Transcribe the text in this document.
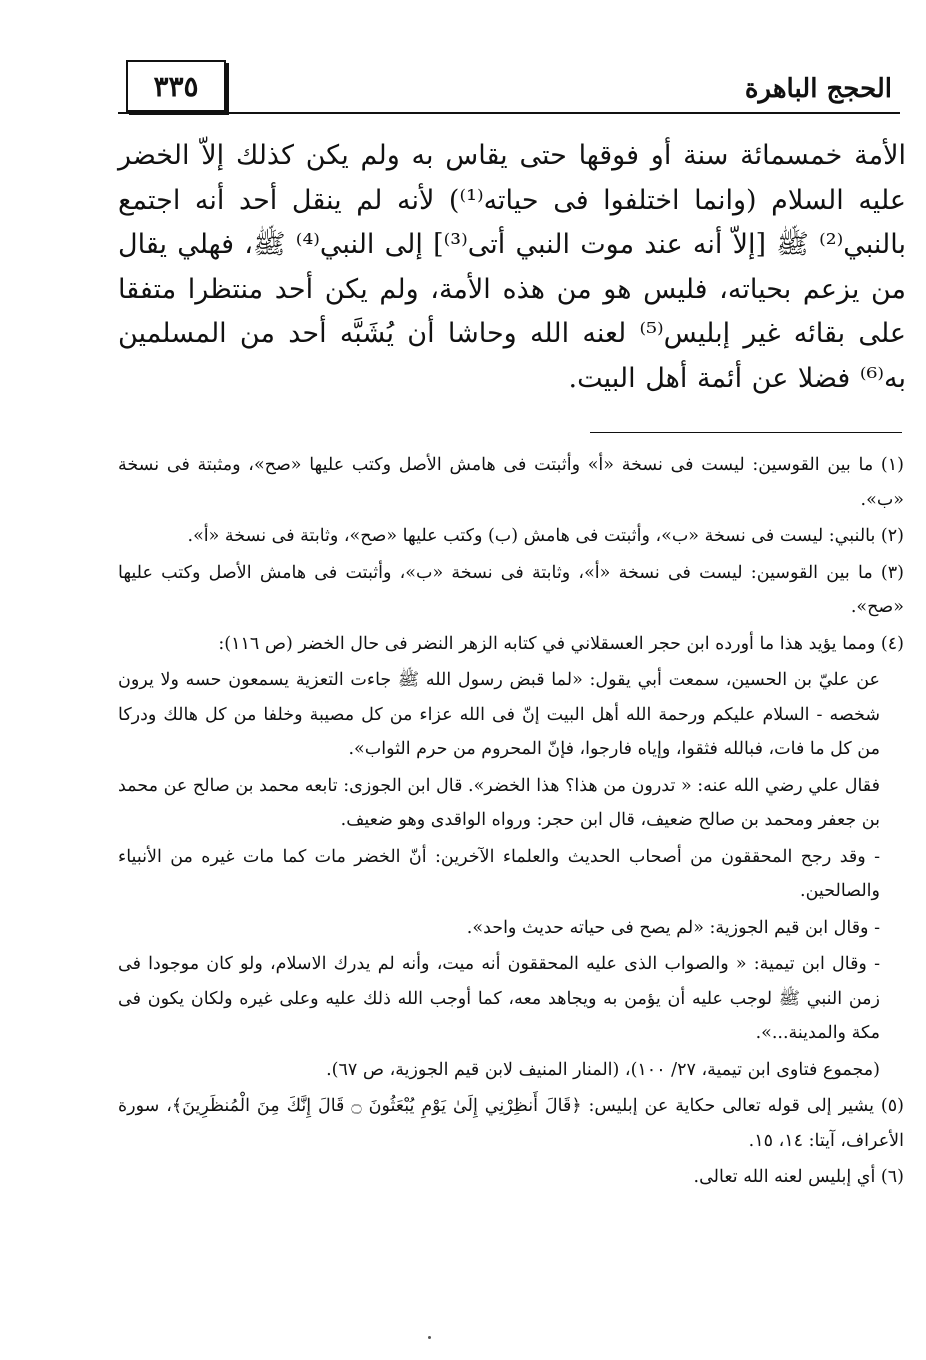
٣٣٥	الحجج الباهرة

الأمة خمسمائة سنة أو فوقها حتى يقاس به ولم يكن كذلك إلاّ الخضر عليه السلام (وانما اختلفوا فى حياته⁽¹⁾) لأنه لم ينقل أحد أنه اجتمع بالنبي⁽²⁾ ﷺ [إلاّ أنه عند موت النبي أتى⁽³⁾] إلى النبي⁽⁴⁾ ﷺ، فهلي يقال من يزعم بحياته، فليس هو من هذه الأمة، ولم يكن أحد منتظرا متفقا على بقائه غير إبليس⁽⁵⁾ لعنه الله وحاشا أن يُشَبَّه أحد من المسلمين به⁽⁶⁾ فضلا عن أئمة أهل البيت.

(١) ما بين القوسين: ليست فى نسخة «أ» وأثبتت فى هامش الأصل وكتب عليها «صح»، ومثبتة فى نسخة «ب».
(٢) بالنبي: ليست فى نسخة «ب»، وأثبتت فى هامش (ب) وكتب عليها «صح»، وثابتة فى نسخة «أ».
(٣) ما بين القوسين: ليست فى نسخة «أ»، وثابتة فى نسخة «ب»، وأثبتت فى هامش الأصل وكتب عليها «صح».
(٤) ومما يؤيد هذا ما أورده ابن حجر العسقلاني في كتابه الزهر النضر فى حال الخضر (ص ١١٦):
عن عليّ بن الحسين، سمعت أبي يقول: «لما قبض رسول الله ﷺ جاءت التعزية يسمعون حسه ولا يرون شخصه - السلام عليكم ورحمة الله أهل البيت إنّ فى الله عزاء من كل مصيبة وخلفا من كل هالك ودركا من كل ما فات، فبالله فثقوا، وإياه فارجوا، فإنّ المحروم من حرم الثواب».
فقال علي رضي الله عنه: « تدرون من هذا؟ هذا الخضر». قال ابن الجوزى: تابعه محمد بن صالح عن محمد بن جعفر ومحمد بن صالح ضعيف، قال ابن حجر: ورواه الواقدى وهو ضعيف.
- وقد رجح المحققون من أصحاب الحديث والعلماء الآخرين: أنّ الخضر مات كما مات غيره من الأنبياء والصالحين.
- وقال ابن قيم الجوزية: «لم يصح فى حياته حديث واحد».
- وقال ابن تيمية: « والصواب الذى عليه المحققون أنه ميت، وأنه لم يدرك الاسلام، ولو كان موجودا فى زمن النبي ﷺ لوجب عليه أن يؤمن به ويجاهد معه، كما أوجب الله ذلك عليه وعلى غيره ولكان يكون فى مكة والمدينة...».
(مجموع فتاوى ابن تيمية، ٢٧/ ١٠٠)، (المنار المنيف لابن قيم الجوزية، ص ٦٧).
(٥) يشير إلى قوله تعالى حكاية عن إبليس: ﴿قَالَ أَنظِرْنِي إِلَىٰ يَوْمِ يُبْعَثُونَ ۝ قَالَ إِنَّكَ مِنَ الْمُنظَرِينَ﴾، سورة الأعراف، آيتا: ١٤، ١٥.
(٦) أي إبليس لعنه الله تعالى.
